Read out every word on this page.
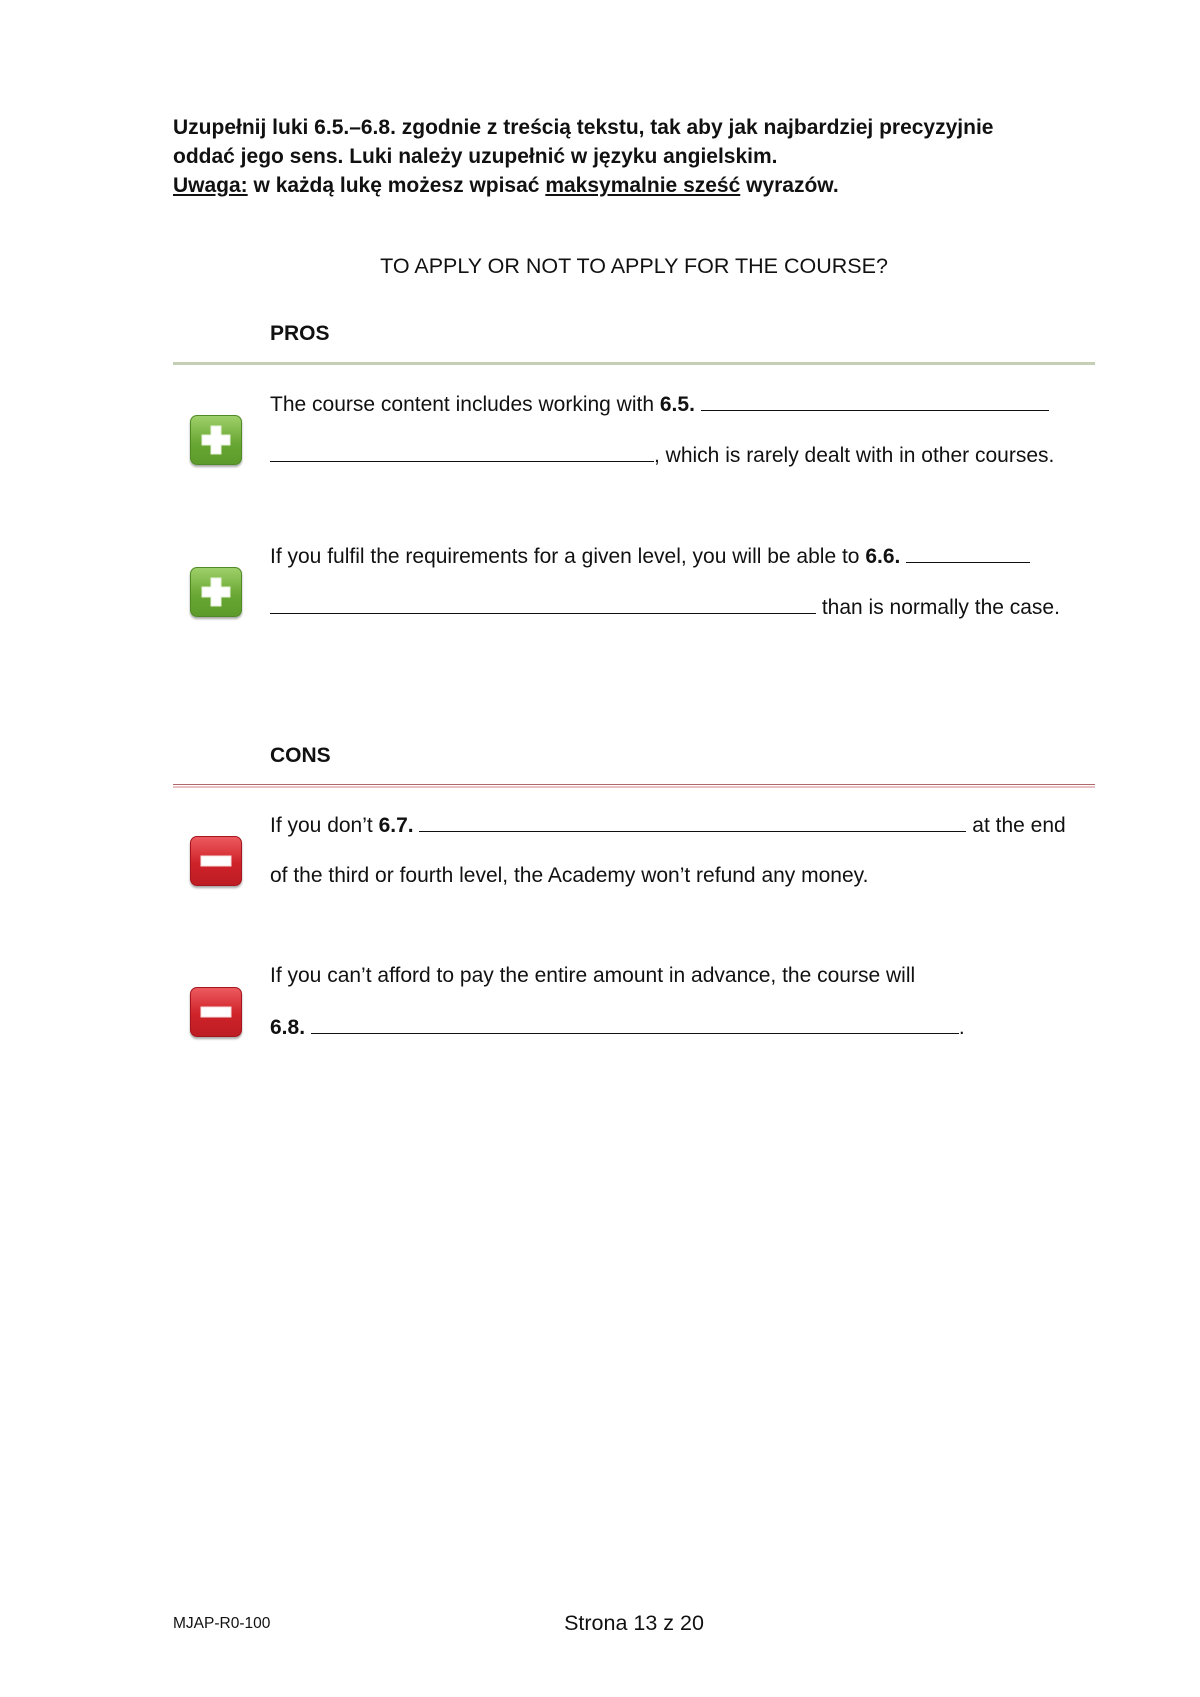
Uzupełnij luki 6.5.–6.8. zgodnie z treścią tekstu, tak aby jak najbardziej precyzyjnie
oddać jego sens. Luki należy uzupełnić w języku angielskim.
Uwaga: w każdą lukę możesz wpisać maksymalnie sześć wyrazów.
TO APPLY OR NOT TO APPLY FOR THE COURSE?
PROS
The course content includes working with 6.5.
, which is rarely dealt with in other courses.
If you fulfil the requirements for a given level, you will be able to 6.6.
than is normally the case.
CONS
If you don’t 6.7.	at the end
of the third or fourth level, the Academy won’t refund any money.
If you can’t afford to pay the entire amount in advance, the course will
6.8.	.
MJAP-R0-100	Strona 13 z 20
